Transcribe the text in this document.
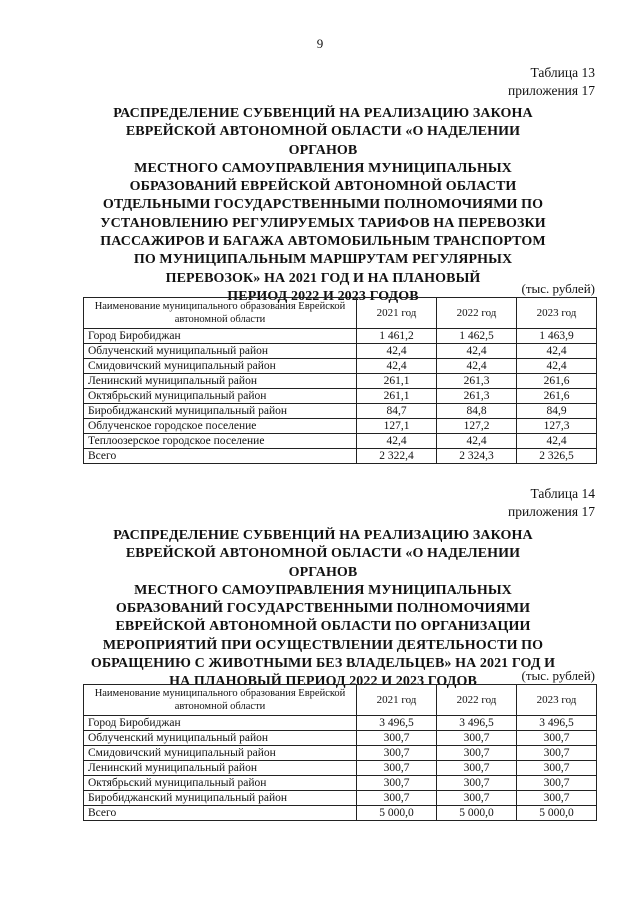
9
Таблица 13
приложения 17
РАСПРЕДЕЛЕНИЕ СУБВЕНЦИЙ НА РЕАЛИЗАЦИЮ ЗАКОНА
ЕВРЕЙСКОЙ АВТОНОМНОЙ ОБЛАСТИ «О НАДЕЛЕНИИ ОРГАНОВ
МЕСТНОГО САМОУПРАВЛЕНИЯ МУНИЦИПАЛЬНЫХ
ОБРАЗОВАНИЙ ЕВРЕЙСКОЙ АВТОНОМНОЙ ОБЛАСТИ
ОТДЕЛЬНЫМИ ГОСУДАРСТВЕННЫМИ ПОЛНОМОЧИЯМИ ПО
УСТАНОВЛЕНИЮ РЕГУЛИРУЕМЫХ ТАРИФОВ НА ПЕРЕВОЗКИ
ПАССАЖИРОВ И БАГАЖА АВТОМОБИЛЬНЫМ ТРАНСПОРТОМ
ПО МУНИЦИПАЛЬНЫМ МАРШРУТАМ РЕГУЛЯРНЫХ
ПЕРЕВОЗОК» НА 2021 ГОД И НА ПЛАНОВЫЙ
ПЕРИОД 2022 И 2023 ГОДОВ
(тыс. рублей)
Наименование муниципального образования Еврейской автономной области	2021 год	2022 год	2023 год
Город Биробиджан	1 461,2	1 462,5	1 463,9
Облученский муниципальный район	42,4	42,4	42,4
Смидовичский муниципальный район	42,4	42,4	42,4
Ленинский муниципальный район	261,1	261,3	261,6
Октябрьский муниципальный район	261,1	261,3	261,6
Биробиджанский муниципальный район	84,7	84,8	84,9
Облученское городское поселение	127,1	127,2	127,3
Теплоозерское городское поселение	42,4	42,4	42,4
Всего	2 322,4	2 324,3	2 326,5
Таблица 14
приложения 17
РАСПРЕДЕЛЕНИЕ СУБВЕНЦИЙ НА РЕАЛИЗАЦИЮ ЗАКОНА
ЕВРЕЙСКОЙ АВТОНОМНОЙ ОБЛАСТИ «О НАДЕЛЕНИИ ОРГАНОВ
МЕСТНОГО САМОУПРАВЛЕНИЯ МУНИЦИПАЛЬНЫХ
ОБРАЗОВАНИЙ ГОСУДАРСТВЕННЫМИ ПОЛНОМОЧИЯМИ
ЕВРЕЙСКОЙ АВТОНОМНОЙ ОБЛАСТИ ПО ОРГАНИЗАЦИИ
МЕРОПРИЯТИЙ ПРИ ОСУЩЕСТВЛЕНИИ ДЕЯТЕЛЬНОСТИ ПО
ОБРАЩЕНИЮ С ЖИВОТНЫМИ БЕЗ ВЛАДЕЛЬЦЕВ» НА 2021 ГОД И
НА ПЛАНОВЫЙ ПЕРИОД 2022 И 2023 ГОДОВ	(тыс. рублей)
Наименование муниципального образования Еврейской автономной области	2021 год	2022 год	2023 год
Город Биробиджан	3 496,5	3 496,5	3 496,5
Облученский муниципальный район	300,7	300,7	300,7
Смидовичский муниципальный район	300,7	300,7	300,7
Ленинский муниципальный район	300,7	300,7	300,7
Октябрьский муниципальный район	300,7	300,7	300,7
Биробиджанский муниципальный район	300,7	300,7	300,7
Всего	5 000,0	5 000,0	5 000,0
